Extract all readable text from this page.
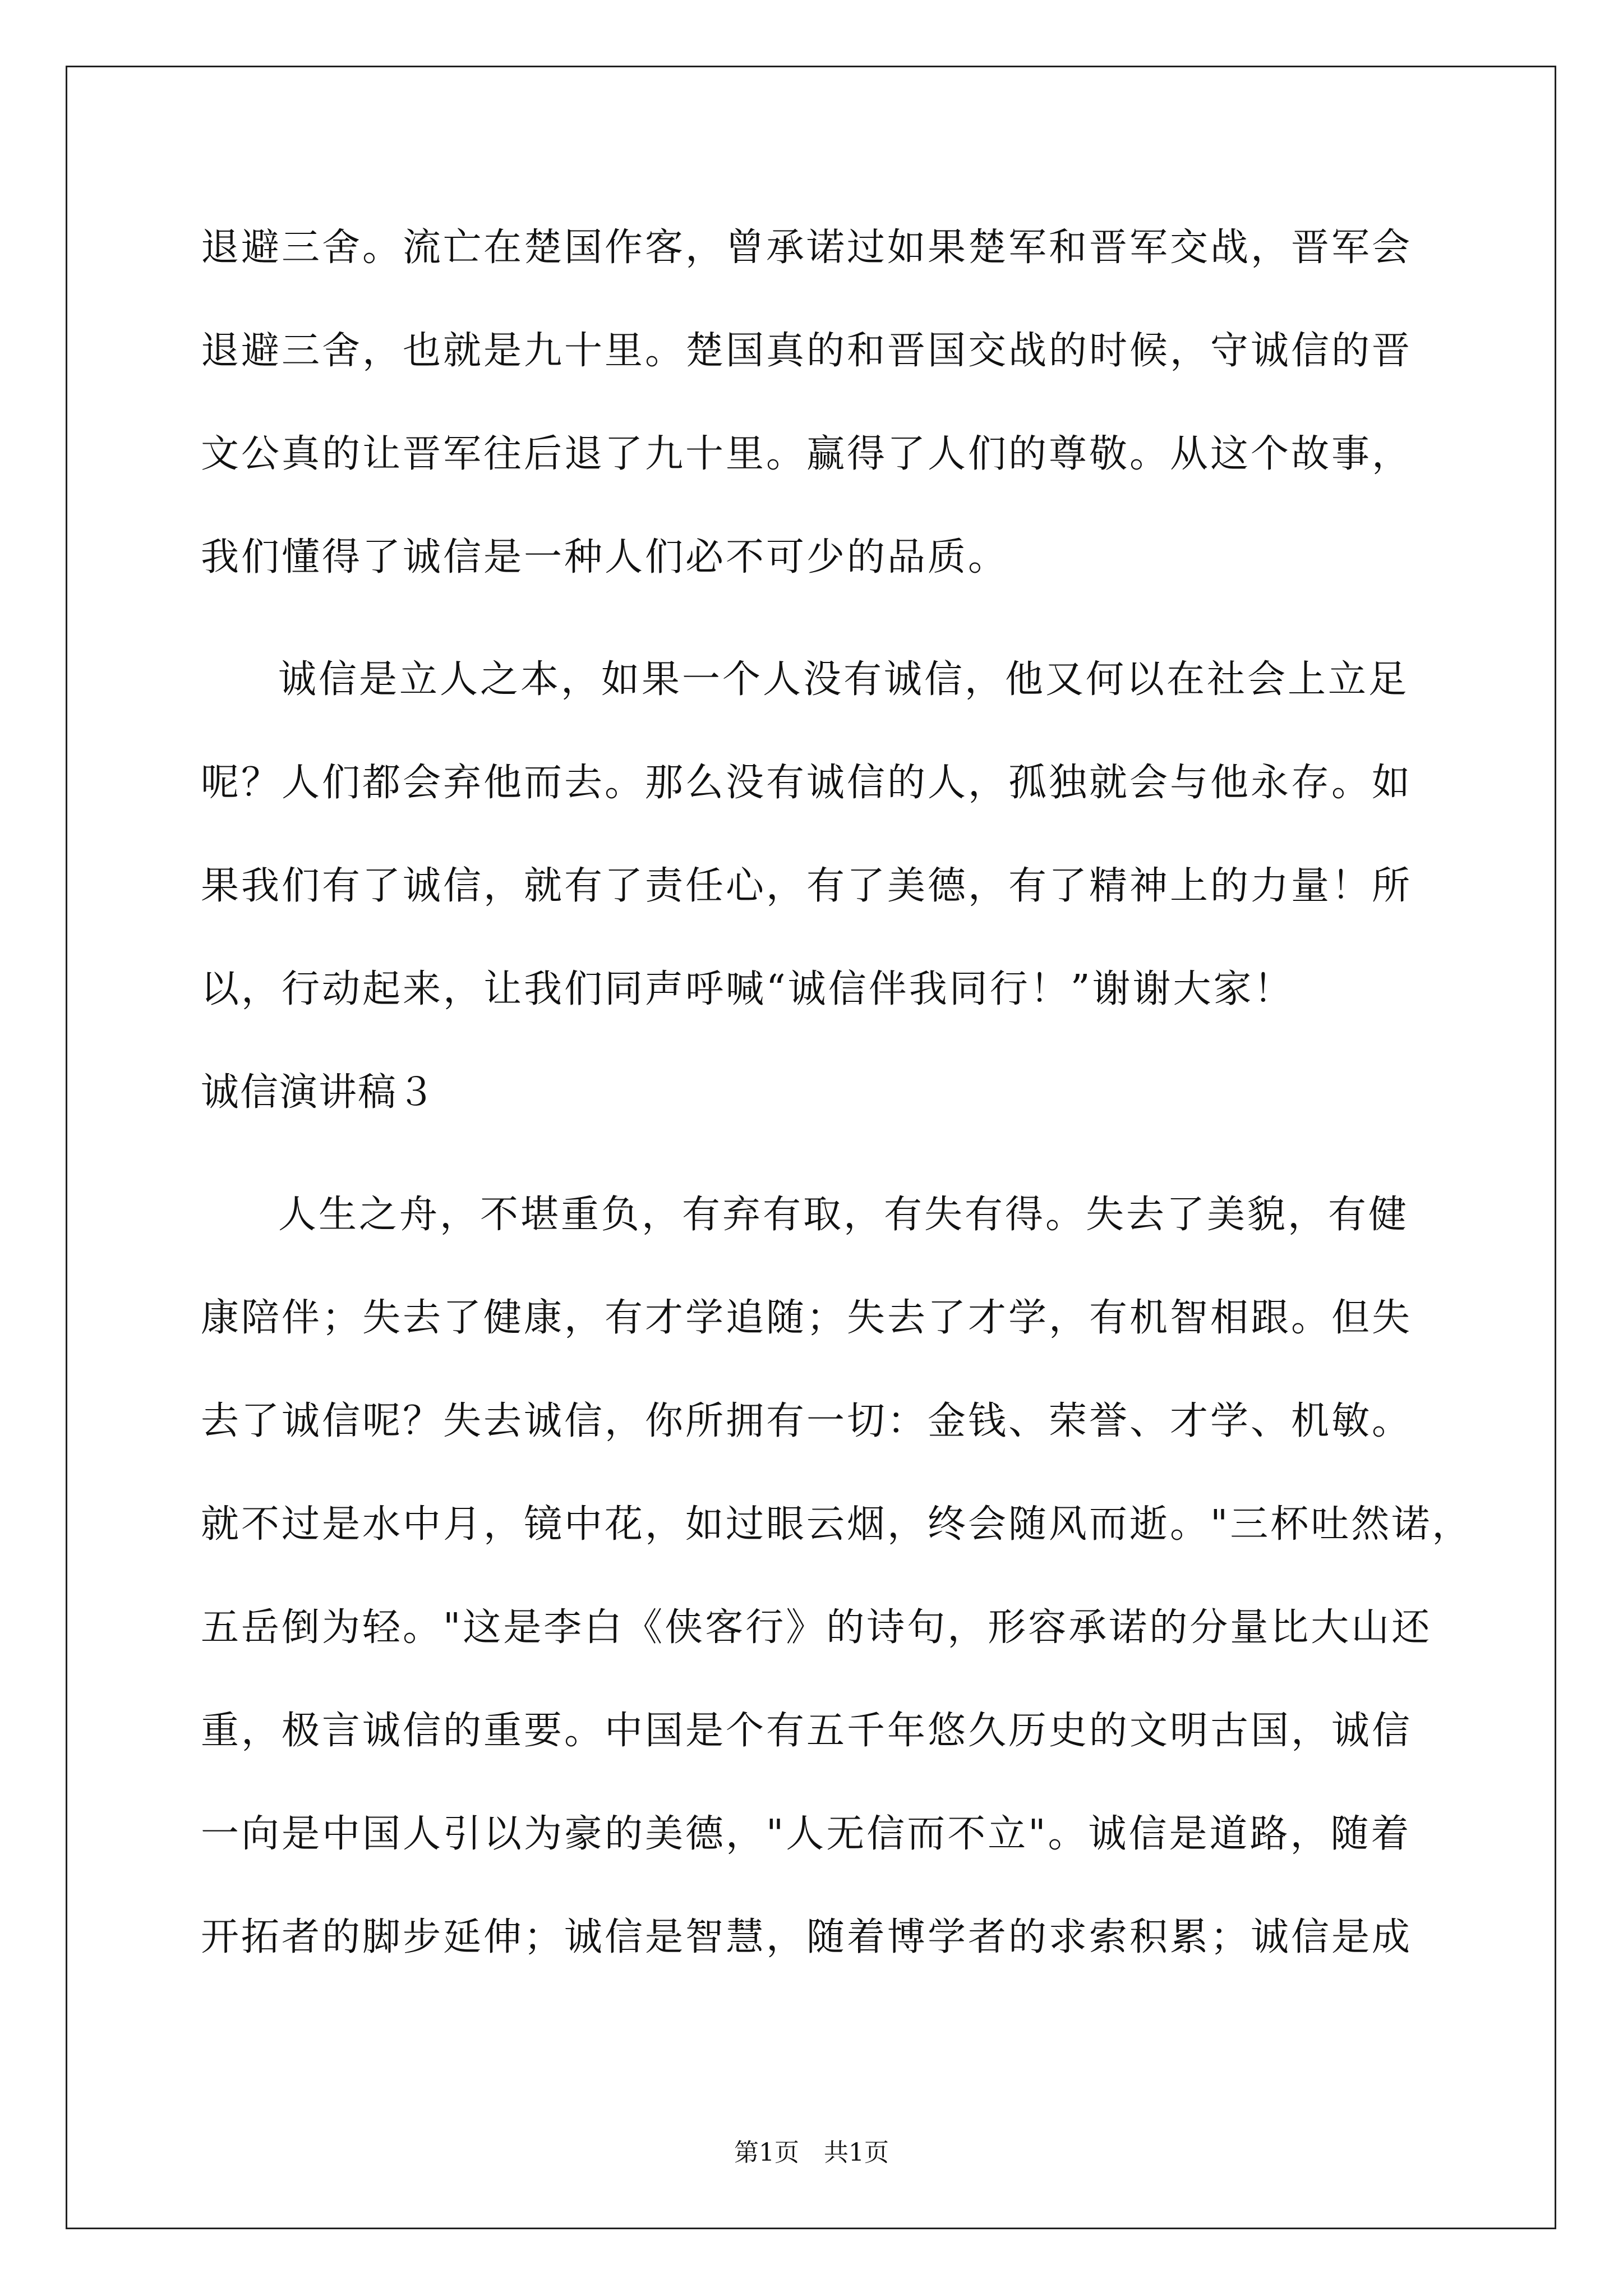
退避三舍。流亡在楚国作客，曾承诺过如果楚军和晋军交战，晋军会
退避三舍，也就是九十里。楚国真的和晋国交战的时候，守诚信的晋
文公真的让晋军往后退了九十里。赢得了人们的尊敬。从这个故事，
我们懂得了诚信是一种人们必不可少的品质。
诚信是立人之本，如果一个人没有诚信，他又何以在社会上立足
呢？人们都会弃他而去。那么没有诚信的人，孤独就会与他永存。如
果我们有了诚信，就有了责任心，有了美德，有了精神上的力量！所
以，行动起来，让我们同声呼喊“诚信伴我同行！”谢谢大家！
诚信演讲稿３
人生之舟，不堪重负，有弃有取，有失有得。失去了美貌，有健
康陪伴；失去了健康，有才学追随；失去了才学，有机智相跟。但失
去了诚信呢？失去诚信，你所拥有一切：金钱、荣誉、才学、机敏。
就不过是水中月，镜中花，如过眼云烟，终会随风而逝。"三杯吐然诺，
五岳倒为轻。"这是李白《侠客行》的诗句，形容承诺的分量比大山还
重，极言诚信的重要。中国是个有五千年悠久历史的文明古国，诚信
一向是中国人引以为豪的美德，"人无信而不立"。诚信是道路，随着
开拓者的脚步延伸；诚信是智慧，随着博学者的求索积累；诚信是成
第1页　共1页
